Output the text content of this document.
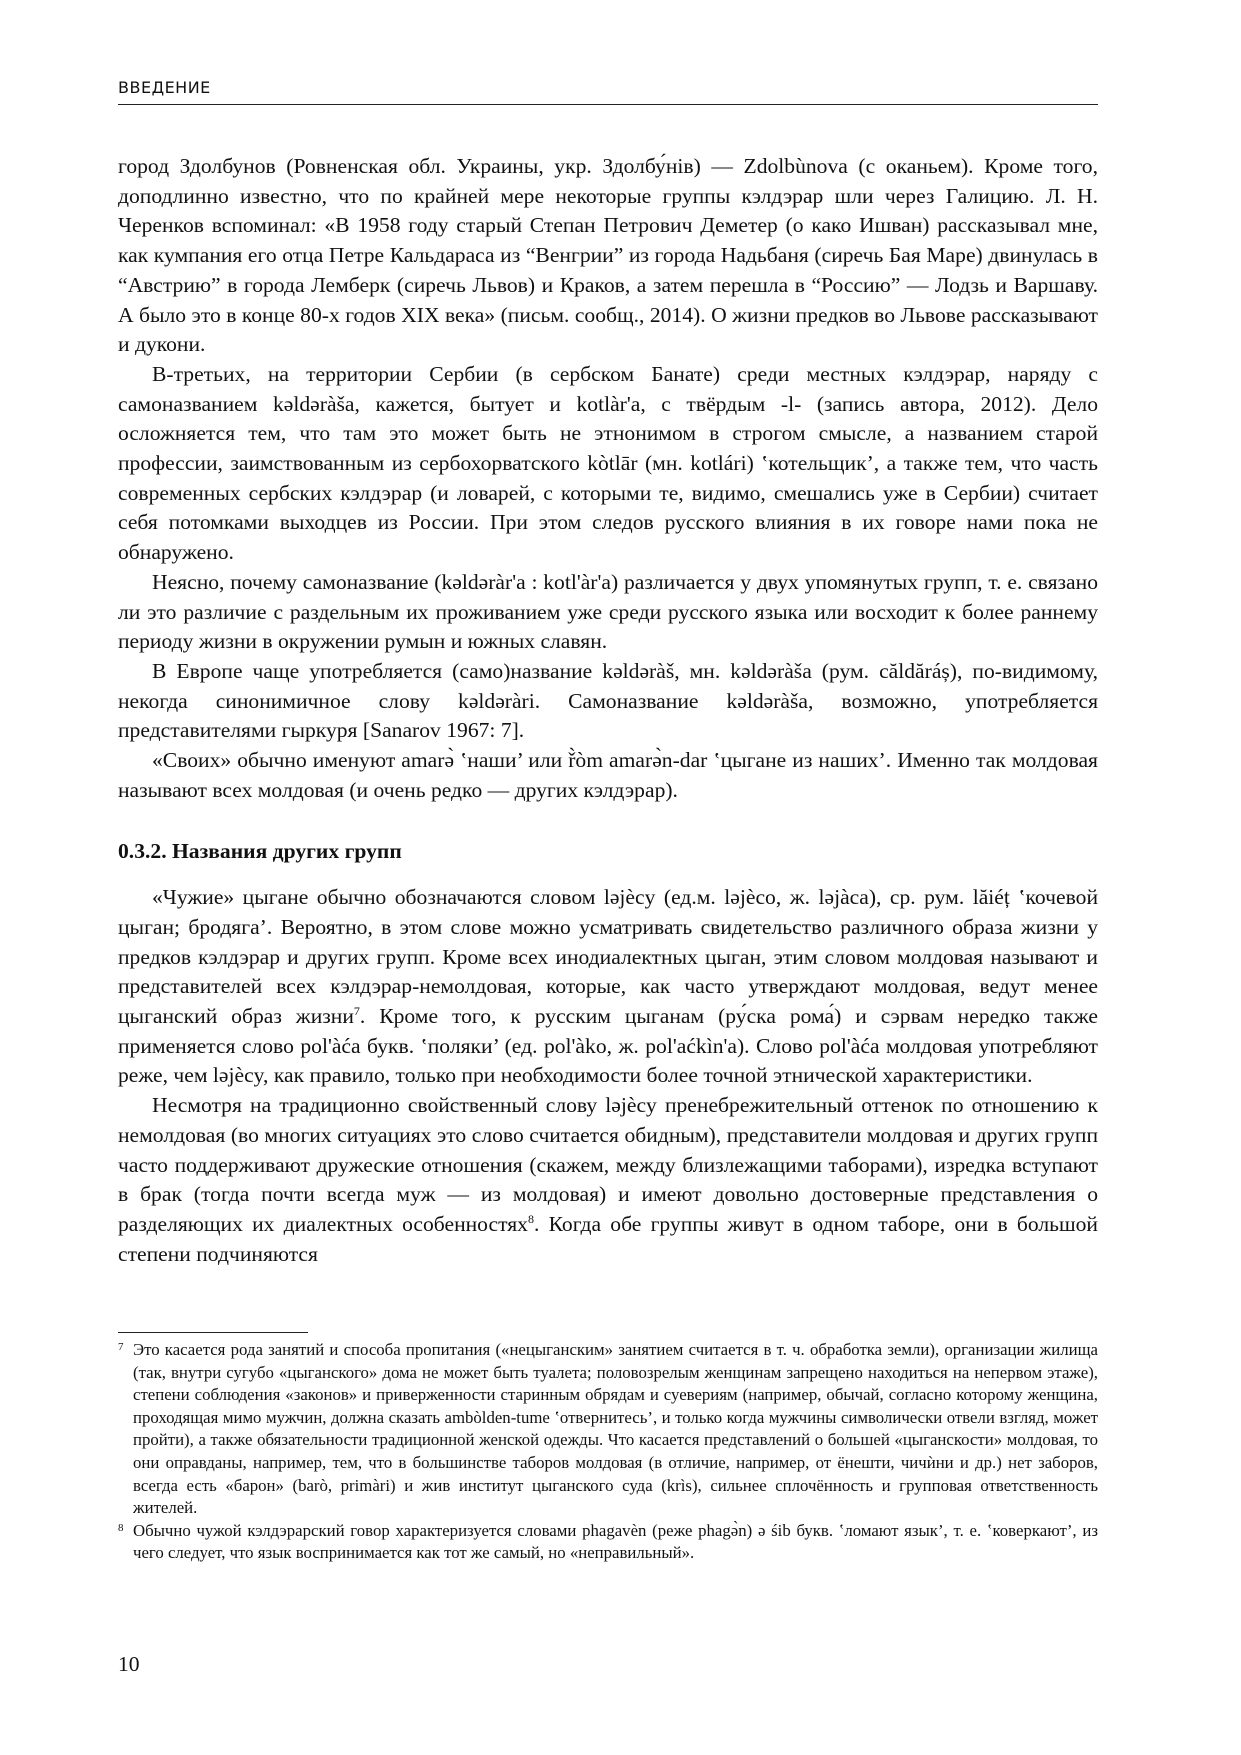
ВВЕДЕНИЕ

город Здолбунов (Ровненская обл. Украины, укр. Здолбу́нів) — Zdolbùnova (с оканьем). Кроме того, доподлинно известно, что по крайней мере некоторые группы кэлдэрар шли через Галицию. Л. Н. Черенков вспоминал: «В 1958 году старый Степан Петрович Деметер (о како Ишван) рассказывал мне, как кумпания его отца Петре Кальдараса из “Венгрии” из города Надьбаня (сиречь Бая Маре) двинулась в “Австрию” в города Лемберк (сиречь Львов) и Краков, а затем перешла в “Россию” — Лодзь и Варшаву. А было это в конце 80-х годов XIX века» (письм. сообщ., 2014). О жизни предков во Львове рассказывают и дукони.

В-третьих, на территории Сербии (в сербском Банате) среди местных кэлдэрар, наряду с самоназванием kəldəràša, кажется, бытует и kotlàr'a, с твёрдым -l- (запись автора, 2012). Дело осложняется тем, что там это может быть не этнонимом в строгом смысле, а названием старой профессии, заимствованным из сербохорватского kòtlār (мн. kotlári) ʽкотельщик’, а также тем, что часть современных сербских кэлдэрар (и ловарей, с которыми те, видимо, смешались уже в Сербии) считает себя потомками выходцев из России. При этом следов русского влияния в их говоре нами пока не обнаружено.

Неясно, почему самоназвание (kəldəràr'a : kotl'àr'a) различается у двух упомянутых групп, т. е. связано ли это различие с раздельным их проживанием уже среди русского языка или восходит к более раннему периоду жизни в окружении румын и южных славян.

В Европе чаще употребляется (само)название kəldəràš, мн. kəldəràša (рум. căldăráș), по-видимому, некогда синонимичное слову kəldəràri. Самоназвание kəldəràša, возможно, употребляется представителями гыркуря [Sanarov 1967: 7].

«Своих» обычно именуют amarə̀ ʽнаши’ или ř̀òm amarə̀n-dar ʽцыгане из наших’. Именно так молдовая называют всех молдовая (и очень редко — других кэлдэрар).

0.3.2. Названия других групп

«Чужие» цыгане обычно обозначаются словом ləjècy (ед.м. ləjèco, ж. ləjàca), ср. рум. lăiéț ʽкочевой цыган; бродяга’. Вероятно, в этом слове можно усматривать свидетельство различного образа жизни у предков кэлдэрар и других групп. Кроме всех инодиалектных цыган, этим словом молдовая называют и представителей всех кэлдэрар-немолдовая, которые, как часто утверждают молдовая, ведут менее цыганский образ жизни$^7$. Кроме того, к русским цыганам (ру́ска рома́) и сэрвам нередко также применяется слово pol'àća букв. ʽполяки’ (ед. pol'àko, ж. pol'aćkìn'a). Слово pol'àća молдовая употребляют реже, чем ləjècy, как правило, только при необходимости более точной этнической характеристики.

Несмотря на традиционно свойственный слову ləjècy пренебрежительный оттенок по отношению к немолдовая (во многих ситуациях это слово считается обидным), представители молдовая и других групп часто поддерживают дружеские отношения (скажем, между близлежащими таборами), изредка вступают в брак (тогда почти всегда муж — из молдовая) и имеют довольно достоверные представления о разделяющих их диалектных особенностях$^8$. Когда обе группы живут в одном таборе, они в большой степени подчиняются

7 Это касается рода занятий и способа пропитания («нецыганским» занятием считается в т. ч. обработка земли), организации жилища (так, внутри сугубо «цыганского» дома не может быть туалета; половозрелым женщинам запрещено находиться на непервом этаже), степени соблюдения «законов» и приверженности старинным обрядам и суевериям (например, обычай, согласно которому женщина, проходящая мимо мужчин, должна сказать ambòlden-tume ʽотвернитесь’, и только когда мужчины символически отвели взгляд, может пройти), а также обязательности традиционной женской одежды. Что касается представлений о большей «цыганскости» молдовая, то они оправданы, например, тем, что в большинстве таборов молдовая (в отличие, например, от ёнешти, чичѝни и др.) нет заборов, всегда есть «барон» (barò, primàri) и жив институт цыганского суда (krìs), сильнее сплочённость и групповая ответственность жителей.

8 Обычно чужой кэлдэрарский говор характеризуется словами phagavèn (реже phagə̀n) ə śib букв. ʽломают язык’, т. е. ʽковеркают’, из чего следует, что язык воспринимается как тот же самый, но «неправильный».

10
